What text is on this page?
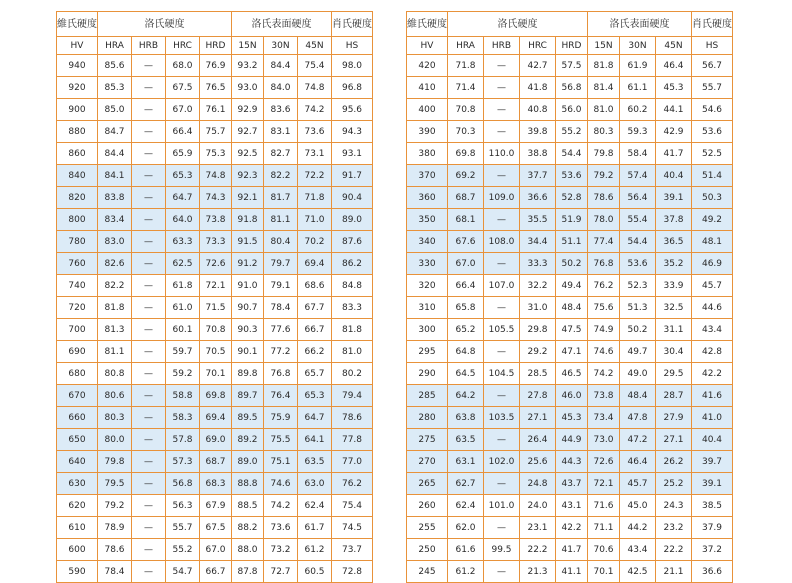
維氏硬度	洛氏硬度				洛氏表面硬度			肖氏硬度

HV	HRA	HRB	HRC	HRD	15N	30N	45N	HS
940	85.6	—	68.0	76.9	93.2	84.4	75.4	98.0
920	85.3	—	67.5	76.5	93.0	84.0	74.8	96.8
900	85.0	—	67.0	76.1	92.9	83.6	74.2	95.6
880	84.7	—	66.4	75.7	92.7	83.1	73.6	94.3
860	84.4	—	65.9	75.3	92.5	82.7	73.1	93.1
840	84.1	—	65.3	74.8	92.3	82.2	72.2	91.7
820	83.8	—	64.7	74.3	92.1	81.7	71.8	90.4
800	83.4	—	64.0	73.8	91.8	81.1	71.0	89.0
780	83.0	—	63.3	73.3	91.5	80.4	70.2	87.6
760	82.6	—	62.5	72.6	91.2	79.7	69.4	86.2
740	82.2	—	61.8	72.1	91.0	79.1	68.6	84.8
720	81.8	—	61.0	71.5	90.7	78.4	67.7	83.3
700	81.3	—	60.1	70.8	90.3	77.6	66.7	81.8
690	81.1	—	59.7	70.5	90.1	77.2	66.2	81.0
680	80.8	—	59.2	70.1	89.8	76.8	65.7	80.2
670	80.6	—	58.8	69.8	89.7	76.4	65.3	79.4
660	80.3	—	58.3	69.4	89.5	75.9	64.7	78.6
650	80.0	—	57.8	69.0	89.2	75.5	64.1	77.8
640	79.8	—	57.3	68.7	89.0	75.1	63.5	77.0
630	79.5	—	56.8	68.3	88.8	74.6	63.0	76.2
620	79.2	—	56.3	67.9	88.5	74.2	62.4	75.4
610	78.9	—	55.7	67.5	88.2	73.6	61.7	74.5
600	78.6	—	55.2	67.0	88.0	73.2	61.2	73.7
590	78.4	—	54.7	66.7	87.8	72.7	60.5	72.8
維氏硬度	洛氏硬度				洛氏表面硬度			肖氏硬度

HV	HRA	HRB	HRC	HRD	15N	30N	45N	HS
420	71.8	—	42.7	57.5	81.8	61.9	46.4	56.7
410	71.4	—	41.8	56.8	81.4	61.1	45.3	55.7
400	70.8	—	40.8	56.0	81.0	60.2	44.1	54.6
390	70.3	—	39.8	55.2	80.3	59.3	42.9	53.6
380	69.8	110.0	38.8	54.4	79.8	58.4	41.7	52.5
370	69.2	—	37.7	53.6	79.2	57.4	40.4	51.4
360	68.7	109.0	36.6	52.8	78.6	56.4	39.1	50.3
350	68.1	—	35.5	51.9	78.0	55.4	37.8	49.2
340	67.6	108.0	34.4	51.1	77.4	54.4	36.5	48.1
330	67.0	—	33.3	50.2	76.8	53.6	35.2	46.9
320	66.4	107.0	32.2	49.4	76.2	52.3	33.9	45.7
310	65.8	—	31.0	48.4	75.6	51.3	32.5	44.6
300	65.2	105.5	29.8	47.5	74.9	50.2	31.1	43.4
295	64.8	—	29.2	47.1	74.6	49.7	30.4	42.8
290	64.5	104.5	28.5	46.5	74.2	49.0	29.5	42.2
285	64.2	—	27.8	46.0	73.8	48.4	28.7	41.6
280	63.8	103.5	27.1	45.3	73.4	47.8	27.9	41.0
275	63.5	—	26.4	44.9	73.0	47.2	27.1	40.4
270	63.1	102.0	25.6	44.3	72.6	46.4	26.2	39.7
265	62.7	—	24.8	43.7	72.1	45.7	25.2	39.1
260	62.4	101.0	24.0	43.1	71.6	45.0	24.3	38.5
255	62.0	—	23.1	42.2	71.1	44.2	23.2	37.9
250	61.6	99.5	22.2	41.7	70.6	43.4	22.2	37.2
245	61.2	—	21.3	41.1	70.1	42.5	21.1	36.6
